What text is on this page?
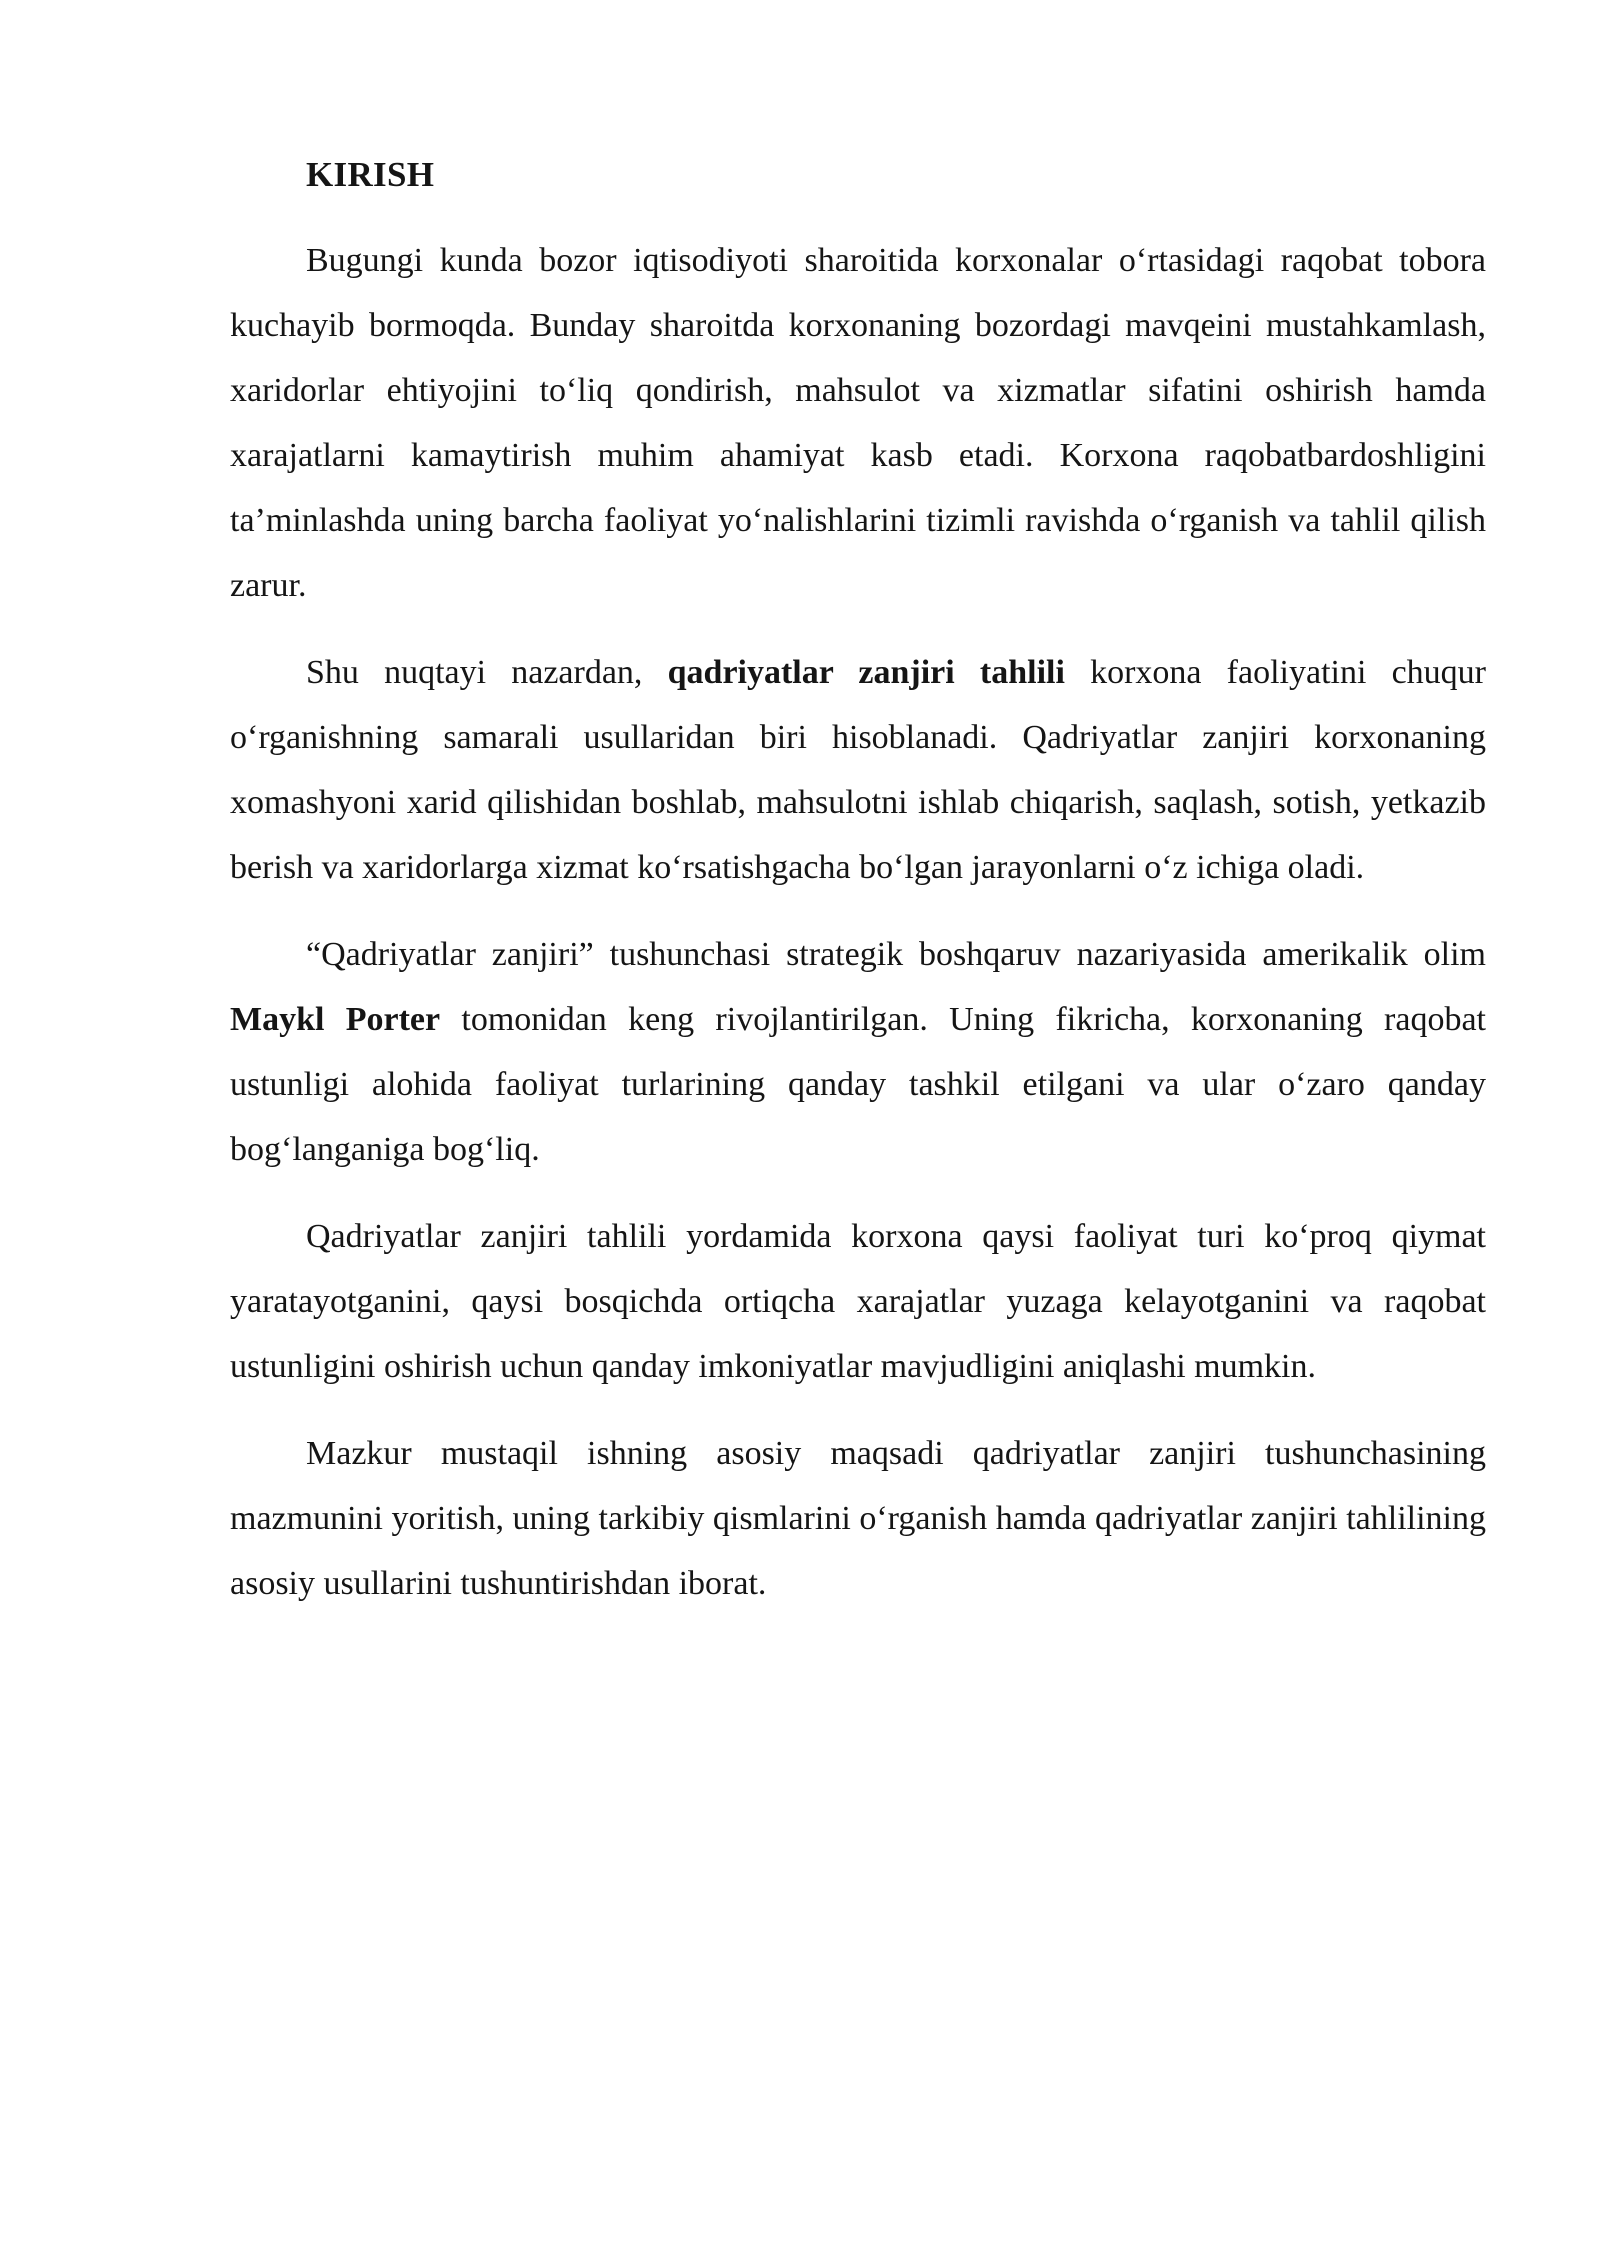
KIRISH

Bugungi kunda bozor iqtisodiyoti sharoitida korxonalar o‘rtasidagi raqobat tobora kuchayib bormoqda. Bunday sharoitda korxonaning bozordagi mavqeini mustahkamlash, xaridorlar ehtiyojini to‘liq qondirish, mahsulot va xizmatlar sifatini oshirish hamda xarajatlarni kamaytirish muhim ahamiyat kasb etadi. Korxona raqobatbardoshligini ta’minlashda uning barcha faoliyat yo‘nalishlarini tizimli ravishda o‘rganish va tahlil qilish zarur.

Shu nuqtayi nazardan, qadriyatlar zanjiri tahlili korxona faoliyatini chuqur o‘rganishning samarali usullaridan biri hisoblanadi. Qadriyatlar zanjiri korxonaning xomashyoni xarid qilishidan boshlab, mahsulotni ishlab chiqarish, saqlash, sotish, yetkazib berish va xaridorlarga xizmat ko‘rsatishgacha bo‘lgan jarayonlarni o‘z ichiga oladi.

“Qadriyatlar zanjiri” tushunchasi strategik boshqaruv nazariyasida amerikalik olim Maykl Porter tomonidan keng rivojlantirilgan. Uning fikricha, korxonaning raqobat ustunligi alohida faoliyat turlarining qanday tashkil etilgani va ular o‘zaro qanday bog‘langaniga bog‘liq.

Qadriyatlar zanjiri tahlili yordamida korxona qaysi faoliyat turi ko‘proq qiymat yaratayotganini, qaysi bosqichda ortiqcha xarajatlar yuzaga kelayotganini va raqobat ustunligini oshirish uchun qanday imkoniyatlar mavjudligini aniqlashi mumkin.

Mazkur mustaqil ishning asosiy maqsadi qadriyatlar zanjiri tushunchasining mazmunini yoritish, uning tarkibiy qismlarini o‘rganish hamda qadriyatlar zanjiri tahlilining asosiy usullarini tushuntirishdan iborat.
